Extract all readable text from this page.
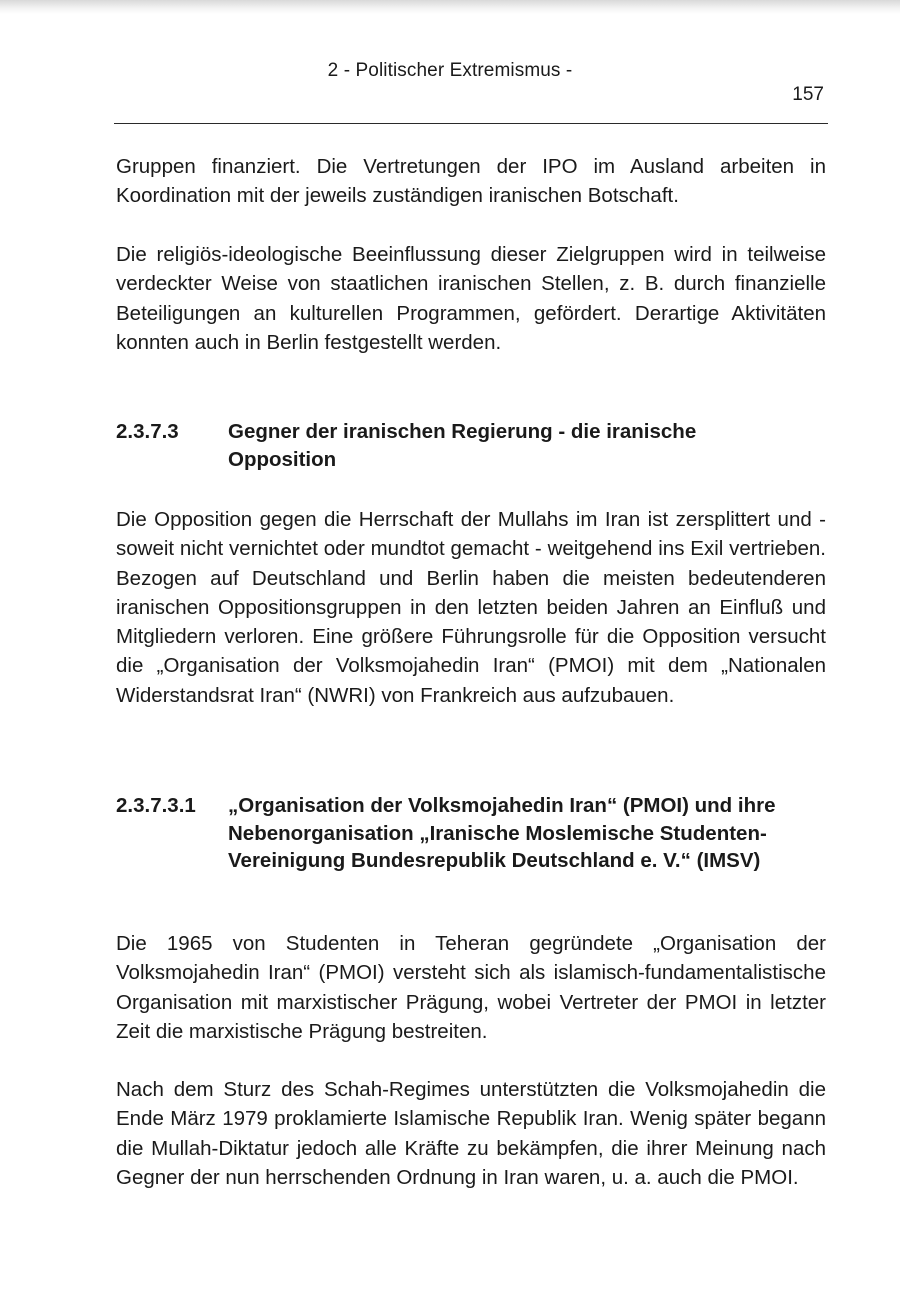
2 - Politischer Extremismus -
157

Gruppen finanziert. Die Vertretungen der IPO im Ausland arbeiten in Koordination mit der jeweils zuständigen iranischen Botschaft.

Die religiös-ideologische Beeinflussung dieser Zielgruppen wird in teilweise verdeckter Weise von staatlichen iranischen Stellen, z. B. durch finanzielle Beteiligungen an kulturellen Programmen, gefördert. Derartige Aktivitäten konnten auch in Berlin festgestellt werden.

2.3.7.3 Gegner der iranischen Regierung - die iranische Opposition

Die Opposition gegen die Herrschaft der Mullahs im Iran ist zersplittert und - soweit nicht vernichtet oder mundtot gemacht - weitgehend ins Exil vertrieben. Bezogen auf Deutschland und Berlin haben die meisten bedeutenderen iranischen Oppositionsgruppen in den letzten beiden Jahren an Einfluß und Mitgliedern verloren. Eine größere Führungsrolle für die Opposition versucht die „Organisation der Volksmojahedin Iran“ (PMOI) mit dem „Nationalen Widerstandsrat Iran“ (NWRI) von Frankreich aus aufzubauen.

2.3.7.3.1 „Organisation der Volksmojahedin Iran“ (PMOI) und ihre Nebenorganisation „Iranische Moslemische Studenten-Vereinigung Bundesrepublik Deutschland e. V.“ (IMSV)

Die 1965 von Studenten in Teheran gegründete „Organisation der Volksmojahedin Iran“ (PMOI) versteht sich als islamisch-fundamentalistische Organisation mit marxistischer Prägung, wobei Vertreter der PMOI in letzter Zeit die marxistische Prägung bestreiten.

Nach dem Sturz des Schah-Regimes unterstützten die Volksmojahedin die Ende März 1979 proklamierte Islamische Republik Iran. Wenig später begann die Mullah-Diktatur jedoch alle Kräfte zu bekämpfen, die ihrer Meinung nach Gegner der nun herrschenden Ordnung in Iran waren, u. a. auch die PMOI.
